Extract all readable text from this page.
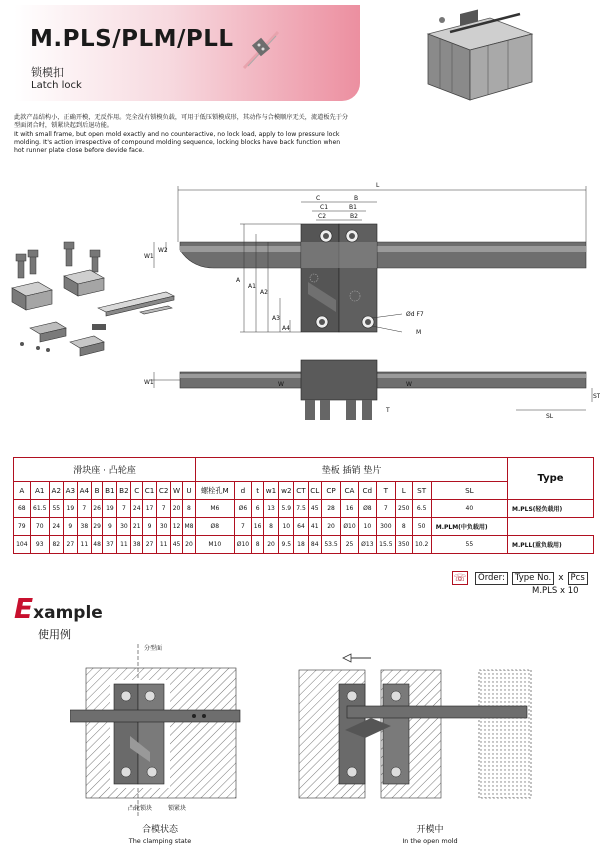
M.PLS/PLM/PLL
锁模扣
Latch lock

此款产品结构小，正确开模，无反作用。完全没有锁模负载，可用于低压锁模成形，其动作与合模顺序无关，流道板先于分型面闭合时，锁紧块起到后退功能。

It with small frame, but open mold exactly and no counteractive, no lock load, apply to low pressure lock molding. It's action irrespective of compound molding sequence, locking blocks have back function when hot runner plate close before devide face.

L
C	B
C1	B1
C2	B2
A
A1
A2
A3
A4
W1
W2
Ød F7
M
W1	W	W
SL
ST
T
滑块座 · 凸轮座													垫板 插销 垫片														Type
A	A1	A2	A3	A4	B	B1	B2	C	C1	C2	W	U	螺栓孔M	d	t	w1	w2	CT	CL	CP	CA	Cd	T	L	ST	SL	
68	61.5	55	19	7	26	19	7	24	17	7	20	8	M6	Ø6	6	13	5.9	7.5	45	28	16	Ø8	7	250	6.5	40	M.PLS(轻负载用)
79	70	24	9	38	29	9	30	21	9	30	12	M8	Ø8	7	16	8	10	64	41	20	Ø10	10	300	8	50	M.PLM(中负载用)	
104	93	82	27	11	48	37	11	38	27	11	45	20	M10	Ø10	8	20	9.5	18	84	53.5	25	Ø13	15.5	350	10.2	55	M.PLL(重负载用)
☏	Order:	Type No. x Pcs
M.PLS x 10
Example
使用例
分型面
凸轮锁块	锁紧块
合模状态
The clamping state
开模中
In the open mold
